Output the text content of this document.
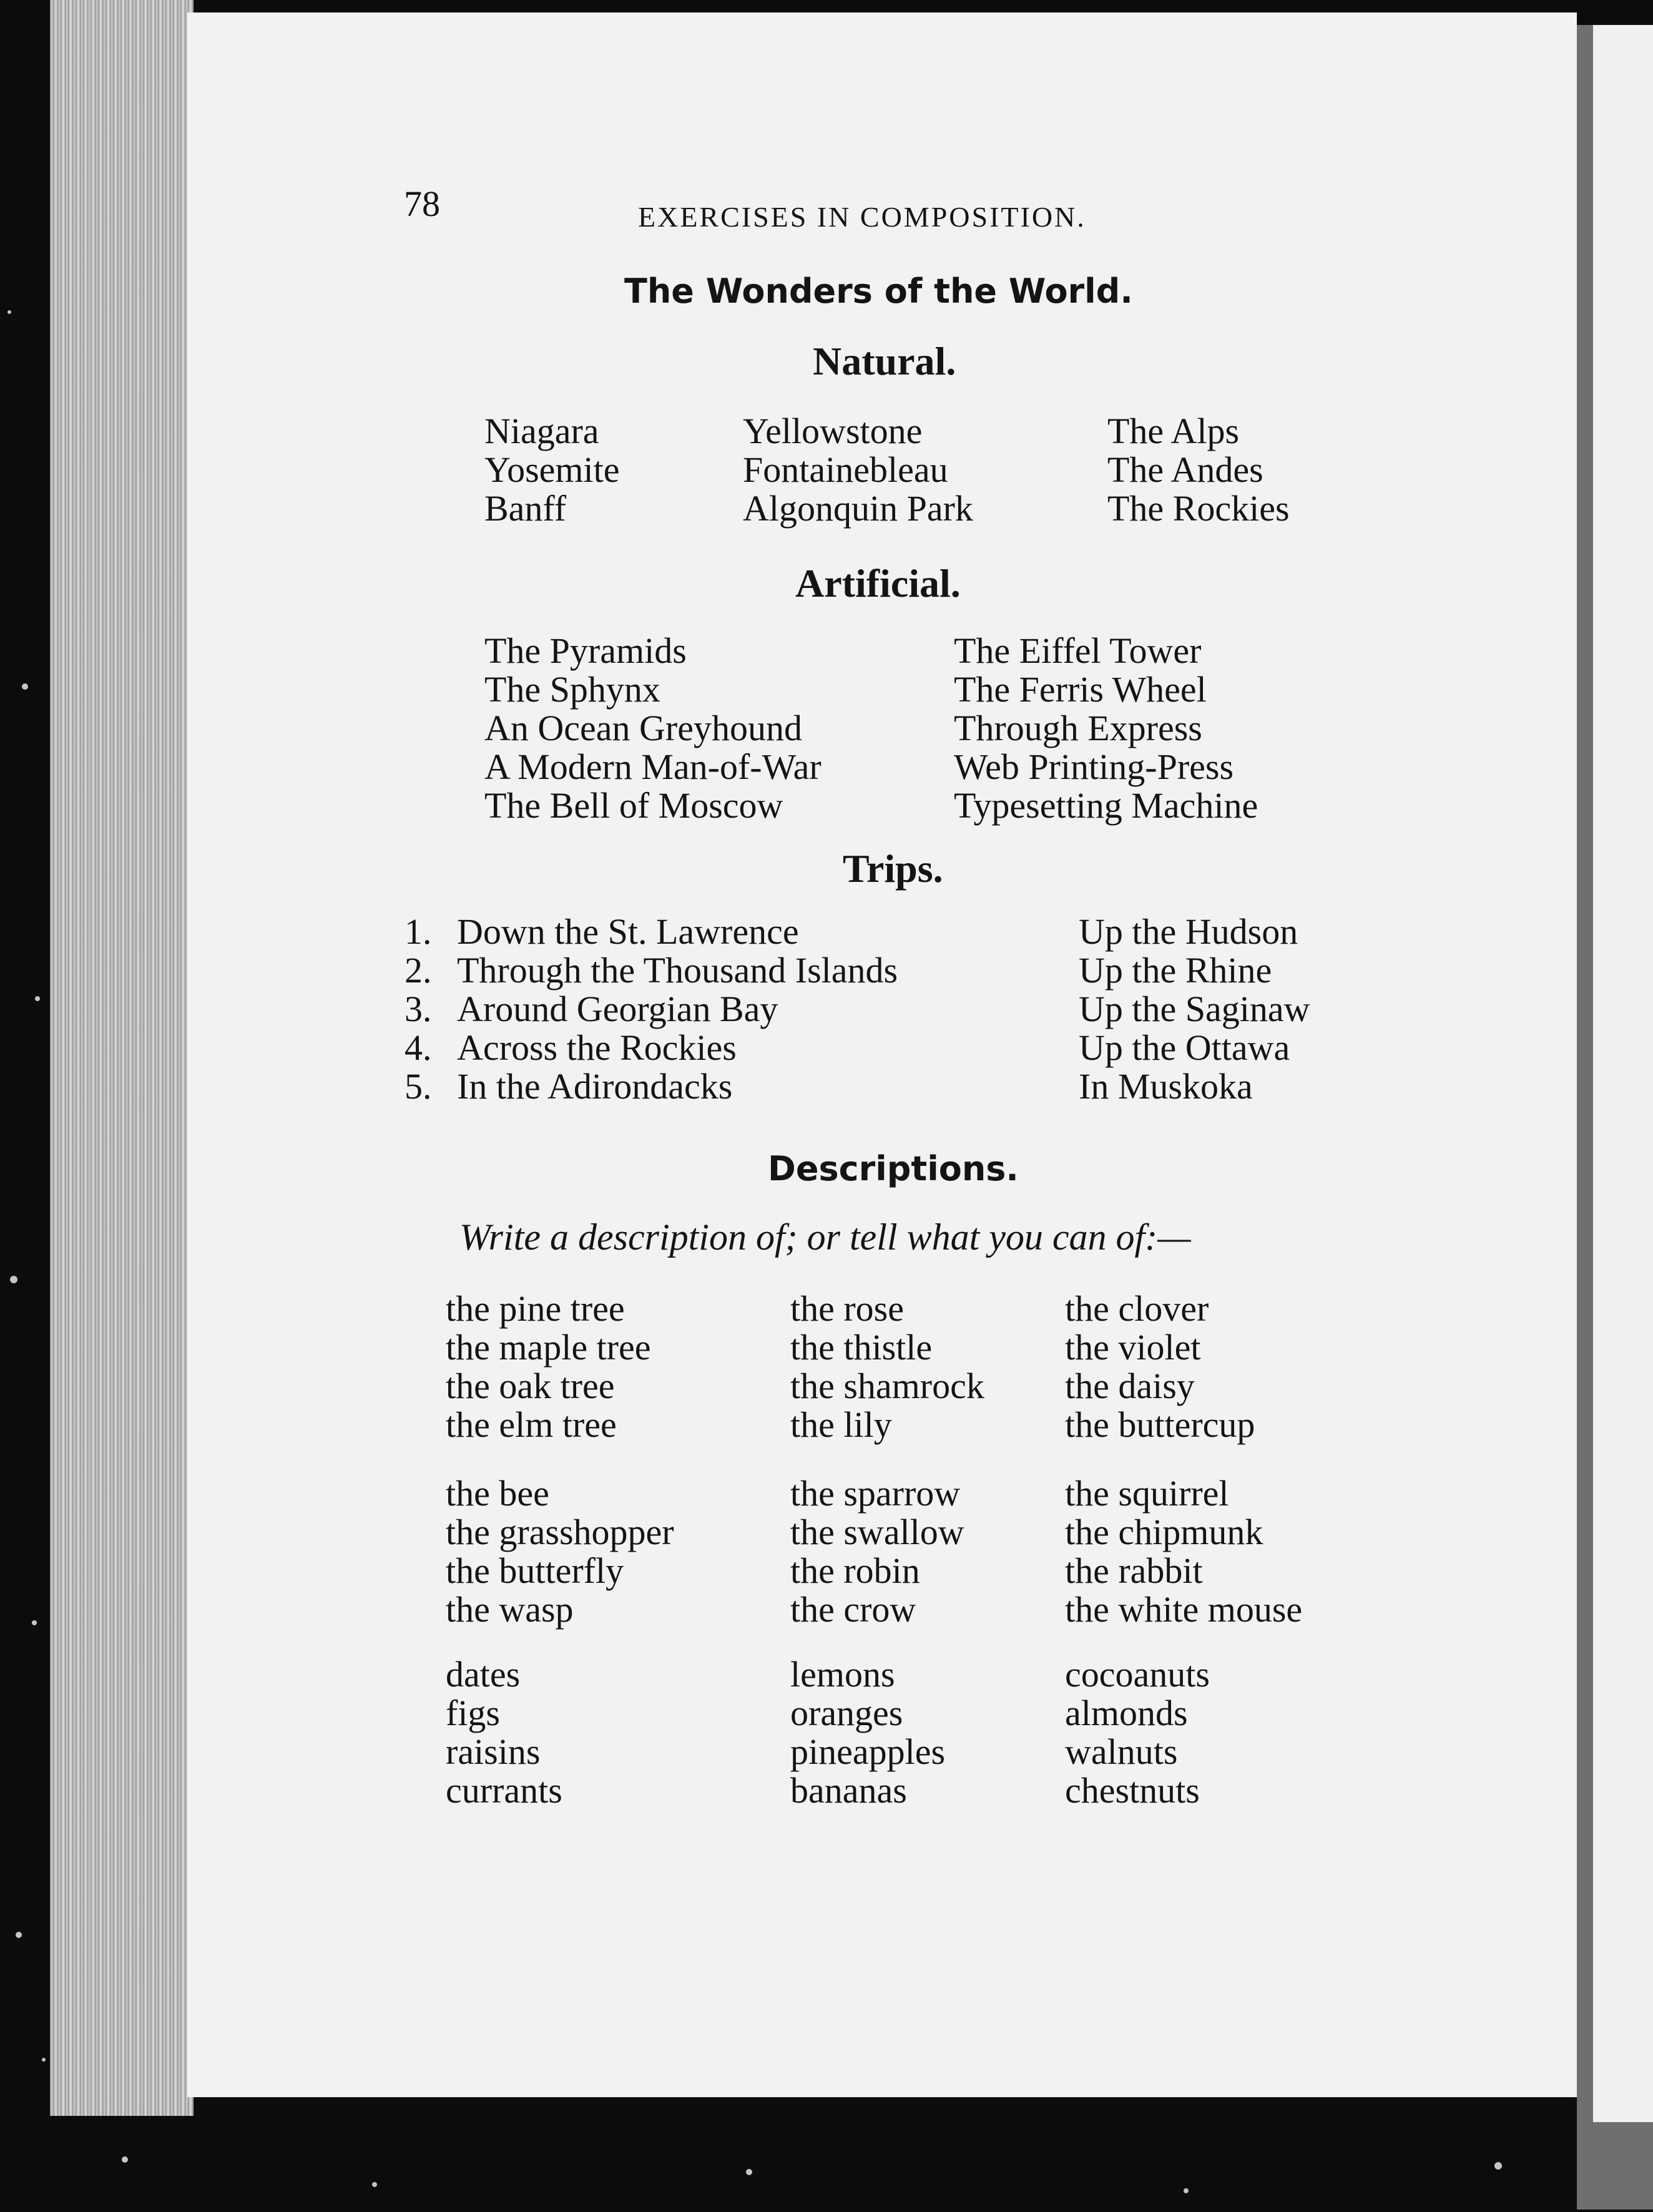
78	EXERCISES IN COMPOSITION.
The Wonders of the World.
Natural.
Niagara
Yosemite
Banff
Yellowstone
Fontainebleau
Algonquin Park
The Alps
The Andes
The Rockies
Artificial.
The Pyramids
The Sphynx
An Ocean Greyhound
A Modern Man-of-War
The Bell of Moscow
The Eiffel Tower
The Ferris Wheel
Through Express
Web Printing-Press
Typesetting Machine
Trips.
1.
2.
3.
4.
5.
Down the St. Lawrence
Through the Thousand Islands
Around Georgian Bay
Across the Rockies
In the Adirondacks
Up the Hudson
Up the Rhine
Up the Saginaw
Up the Ottawa
In Muskoka
Descriptions.
Write a description of; or tell what you can of:—
the pine tree
the maple tree
the oak tree
the elm tree
the rose
the thistle
the shamrock
the lily
the clover
the violet
the daisy
the buttercup
the bee
the grasshopper
the butterfly
the wasp
the sparrow
the swallow
the robin
the crow
the squirrel
the chipmunk
the rabbit
the white mouse
dates
figs
raisins
currants
lemons
oranges
pineapples
bananas
cocoanuts
almonds
walnuts
chestnuts
